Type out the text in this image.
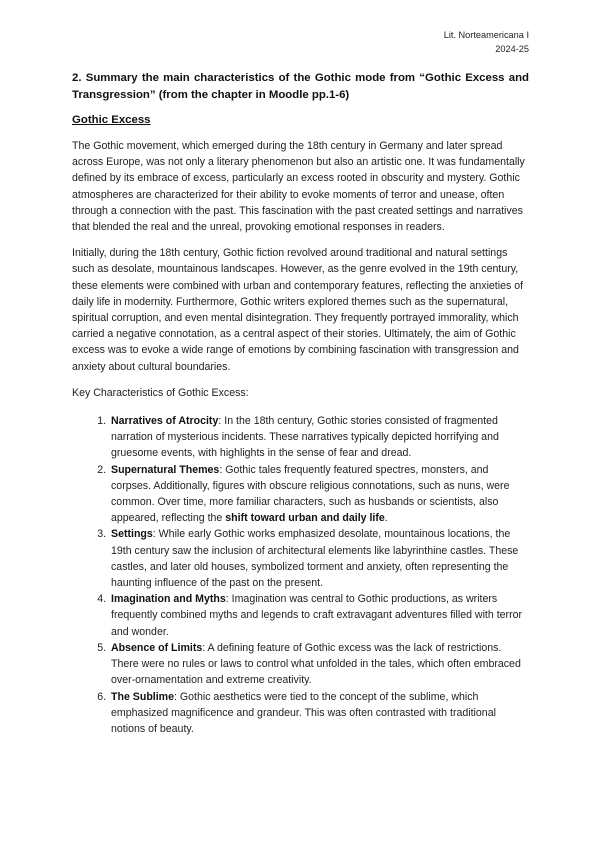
Lit. Norteamericana I
2024-25
2. Summary the main characteristics of the Gothic mode from “Gothic Excess and Transgression” (from the chapter in Moodle pp.1-6)
Gothic Excess

The Gothic movement, which emerged during the 18th century in Germany and later spread across Europe, was not only a literary phenomenon but also an artistic one. It was fundamentally defined by its embrace of excess, particularly an excess rooted in obscurity and mystery. Gothic atmospheres are characterized for their ability to evoke moments of terror and unease, often through a connection with the past. This fascination with the past created settings and narratives that blended the real and the unreal, provoking emotional responses in readers.

Initially, during the 18th century, Gothic fiction revolved around traditional and natural settings such as desolate, mountainous landscapes. However, as the genre evolved in the 19th century, these elements were combined with urban and contemporary features, reflecting the anxieties of daily life in modernity. Furthermore, Gothic writers explored themes such as the supernatural, spiritual corruption, and even mental disintegration. They frequently portrayed immorality, which carried a negative connotation, as a central aspect of their stories. Ultimately, the aim of Gothic excess was to evoke a wide range of emotions by combining fascination with transgression and anxiety about cultural boundaries.

Key Characteristics of Gothic Excess:

1. Narratives of Atrocity: In the 18th century, Gothic stories consisted of fragmented narration of mysterious incidents. These narratives typically depicted horrifying and gruesome events, with highlights in the sense of fear and dread.
2. Supernatural Themes: Gothic tales frequently featured spectres, monsters, and corpses. Additionally, figures with obscure religious connotations, such as nuns, were common. Over time, more familiar characters, such as husbands or scientists, also appeared, reflecting the shift toward urban and daily life.
3. Settings: While early Gothic works emphasized desolate, mountainous locations, the 19th century saw the inclusion of architectural elements like labyrinthine castles. These castles, and later old houses, symbolized torment and anxiety, often representing the haunting influence of the past on the present.
4. Imagination and Myths: Imagination was central to Gothic productions, as writers frequently combined myths and legends to craft extravagant adventures filled with terror and wonder.
5. Absence of Limits: A defining feature of Gothic excess was the lack of restrictions. There were no rules or laws to control what unfolded in the tales, which often embraced over-ornamentation and extreme creativity.
6. The Sublime: Gothic aesthetics were tied to the concept of the sublime, which emphasized magnificence and grandeur. This was often contrasted with traditional notions of beauty.
